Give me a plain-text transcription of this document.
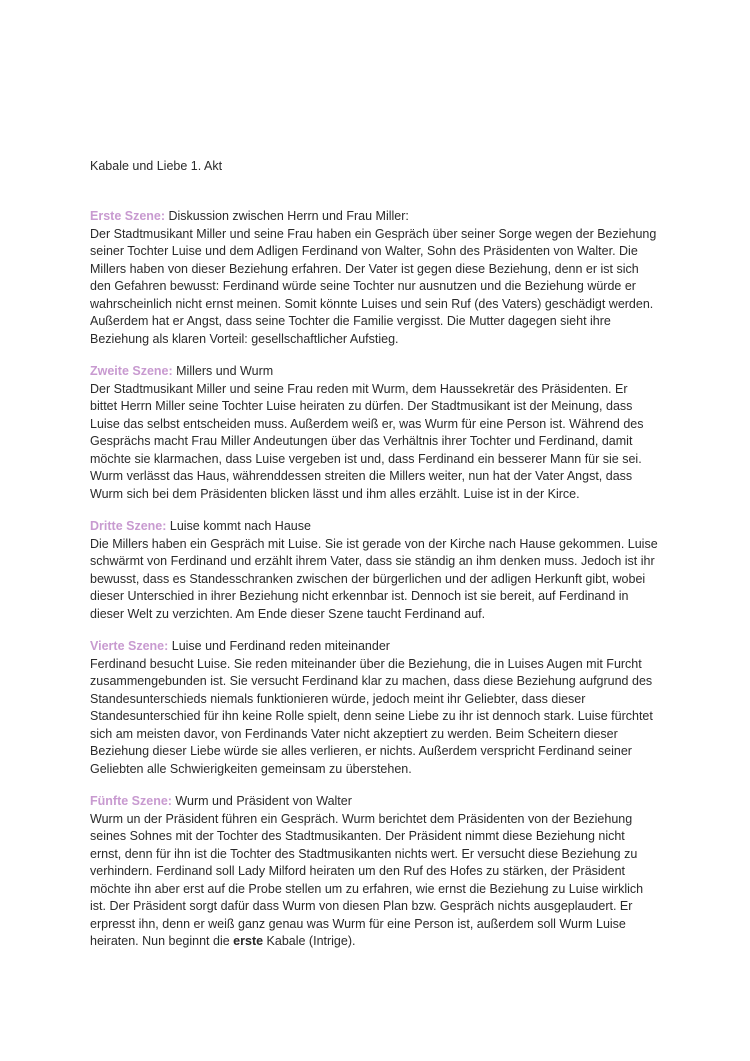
Kabale und Liebe 1. Akt

Erste Szene: Diskussion zwischen Herrn und Frau Miller:

Der Stadtmusikant Miller und seine Frau haben ein Gespräch über seiner Sorge wegen der Beziehung
seiner Tochter Luise und dem Adligen Ferdinand von Walter, Sohn des Präsidenten von Walter. Die
Millers haben von dieser Beziehung erfahren. Der Vater ist gegen diese Beziehung, denn er ist sich
den Gefahren bewusst: Ferdinand würde seine Tochter nur ausnutzen und die Beziehung würde er
wahrscheinlich nicht ernst meinen. Somit könnte Luises und sein Ruf (des Vaters) geschädigt werden.
Außerdem hat er Angst, dass seine Tochter die Familie vergisst. Die Mutter dagegen sieht ihre
Beziehung als klaren Vorteil: gesellschaftlicher Aufstieg.

Zweite Szene: Millers und Wurm

Der Stadtmusikant Miller und seine Frau reden mit Wurm, dem Haussekretär des Präsidenten. Er
bittet Herrn Miller seine Tochter Luise heiraten zu dürfen. Der Stadtmusikant ist der Meinung, dass
Luise das selbst entscheiden muss. Außerdem weiß er, was Wurm für eine Person ist. Während des
Gesprächs macht Frau Miller Andeutungen über das Verhältnis ihrer Tochter und Ferdinand, damit
möchte sie klarmachen, dass Luise vergeben ist und, dass Ferdinand ein besserer Mann für sie sei.
Wurm verlässt das Haus, währenddessen streiten die Millers weiter, nun hat der Vater Angst, dass
Wurm sich bei dem Präsidenten blicken lässt und ihm alles erzählt. Luise ist in der Kirce.

Dritte Szene: Luise kommt nach Hause

Die Millers haben ein Gespräch mit Luise. Sie ist gerade von der Kirche nach Hause gekommen. Luise
schwärmt von Ferdinand und erzählt ihrem Vater, dass sie ständig an ihm denken muss. Jedoch ist ihr
bewusst, dass es Standesschranken zwischen der bürgerlichen und der adligen Herkunft gibt, wobei
dieser Unterschied in ihrer Beziehung nicht erkennbar ist. Dennoch ist sie bereit, auf Ferdinand in
dieser Welt zu verzichten. Am Ende dieser Szene taucht Ferdinand auf.

Vierte Szene: Luise und Ferdinand reden miteinander

Ferdinand besucht Luise. Sie reden miteinander über die Beziehung, die in Luises Augen mit Furcht
zusammengebunden ist. Sie versucht Ferdinand klar zu machen, dass diese Beziehung aufgrund des
Standesunterschieds niemals funktionieren würde, jedoch meint ihr Geliebter, dass dieser
Standesunterschied für ihn keine Rolle spielt, denn seine Liebe zu ihr ist dennoch stark. Luise fürchtet
sich am meisten davor, von Ferdinands Vater nicht akzeptiert zu werden. Beim Scheitern dieser
Beziehung dieser Liebe würde sie alles verlieren, er nichts. Außerdem verspricht Ferdinand seiner
Geliebten alle Schwierigkeiten gemeinsam zu überstehen.

Fünfte Szene: Wurm und Präsident von Walter

Wurm un der Präsident führen ein Gespräch. Wurm berichtet dem Präsidenten von der Beziehung
seines Sohnes mit der Tochter des Stadtmusikanten. Der Präsident nimmt diese Beziehung nicht
ernst, denn für ihn ist die Tochter des Stadtmusikanten nichts wert. Er versucht diese Beziehung zu
verhindern. Ferdinand soll Lady Milford heiraten um den Ruf des Hofes zu stärken, der Präsident
möchte ihn aber erst auf die Probe stellen um zu erfahren, wie ernst die Beziehung zu Luise wirklich
ist. Der Präsident sorgt dafür dass Wurm von diesen Plan bzw. Gespräch nichts ausgeplaudert. Er
erpresst ihn, denn er weiß ganz genau was Wurm für eine Person ist, außerdem soll Wurm Luise
heiraten. Nun beginnt die erste Kabale (Intrige).
